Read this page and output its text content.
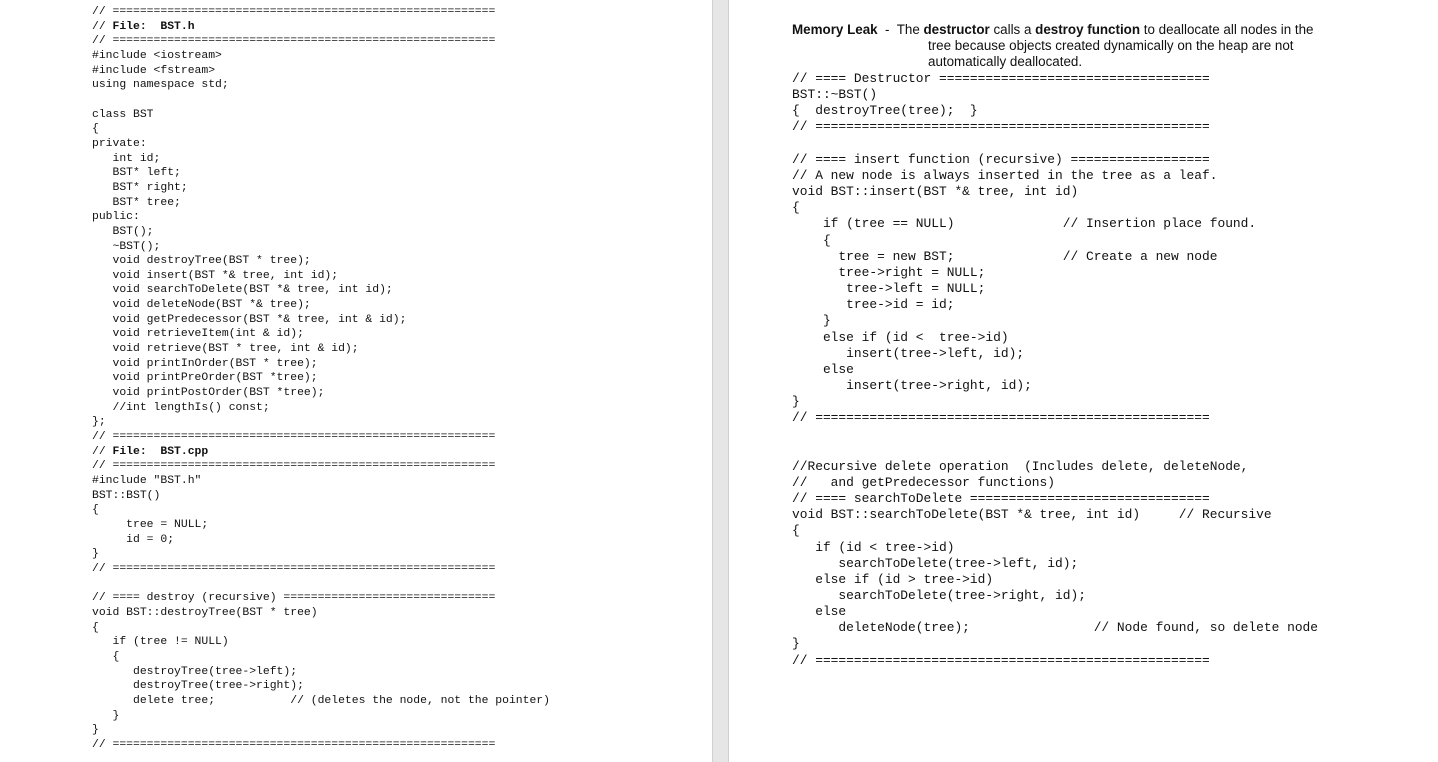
// ========================================================
// File:  BST.h
// ========================================================
#include <iostream>
#include <fstream>
using namespace std;

class BST
{
private:
int id;
BST* left;
BST* right;
BST* tree;
public:
BST();
~BST();
void destroyTree(BST * tree);
void insert(BST *& tree, int id);
void searchToDelete(BST *& tree, int id);
void deleteNode(BST *& tree);
void getPredecessor(BST *& tree, int & id);
void retrieveItem(int & id);
void retrieve(BST * tree, int & id);
void printInOrder(BST * tree);
void printPreOrder(BST *tree);
void printPostOrder(BST *tree);
//int lengthIs() const;
};
// ========================================================
// File:  BST.cpp
// ========================================================
#include "BST.h"
BST::BST()
{
tree = NULL;
id = 0;
}
// ========================================================

// ==== destroy (recursive) ===============================
void BST::destroyTree(BST * tree)
{
if (tree != NULL)
{
destroyTree(tree->left);
destroyTree(tree->right);
delete tree;           // (deletes the node, not the pointer)
}
}
// ========================================================
Memory Leak  -  The destructor calls a destroy function to deallocate all nodes in the
tree because objects created dynamically on the heap are not
automatically deallocated.
// ==== Destructor ===================================
BST::~BST()
{  destroyTree(tree);  }
// ===================================================

// ==== insert function (recursive) ==================
// A new node is always inserted in the tree as a leaf.
void BST::insert(BST *& tree, int id)
{
if (tree == NULL)              // Insertion place found.
{
tree = new BST;              // Create a new node
tree->right = NULL;
tree->left = NULL;
tree->id = id;
}
else if (id <  tree->id)
insert(tree->left, id);
else
insert(tree->right, id);
}
// ===================================================

//Recursive delete operation  (Includes delete, deleteNode,
//   and getPredecessor functions)
// ==== searchToDelete ===============================
void BST::searchToDelete(BST *& tree, int id)     // Recursive
{
if (id < tree->id)
searchToDelete(tree->left, id);
else if (id > tree->id)
searchToDelete(tree->right, id);
else
deleteNode(tree);                // Node found, so delete node
}
// ===================================================
